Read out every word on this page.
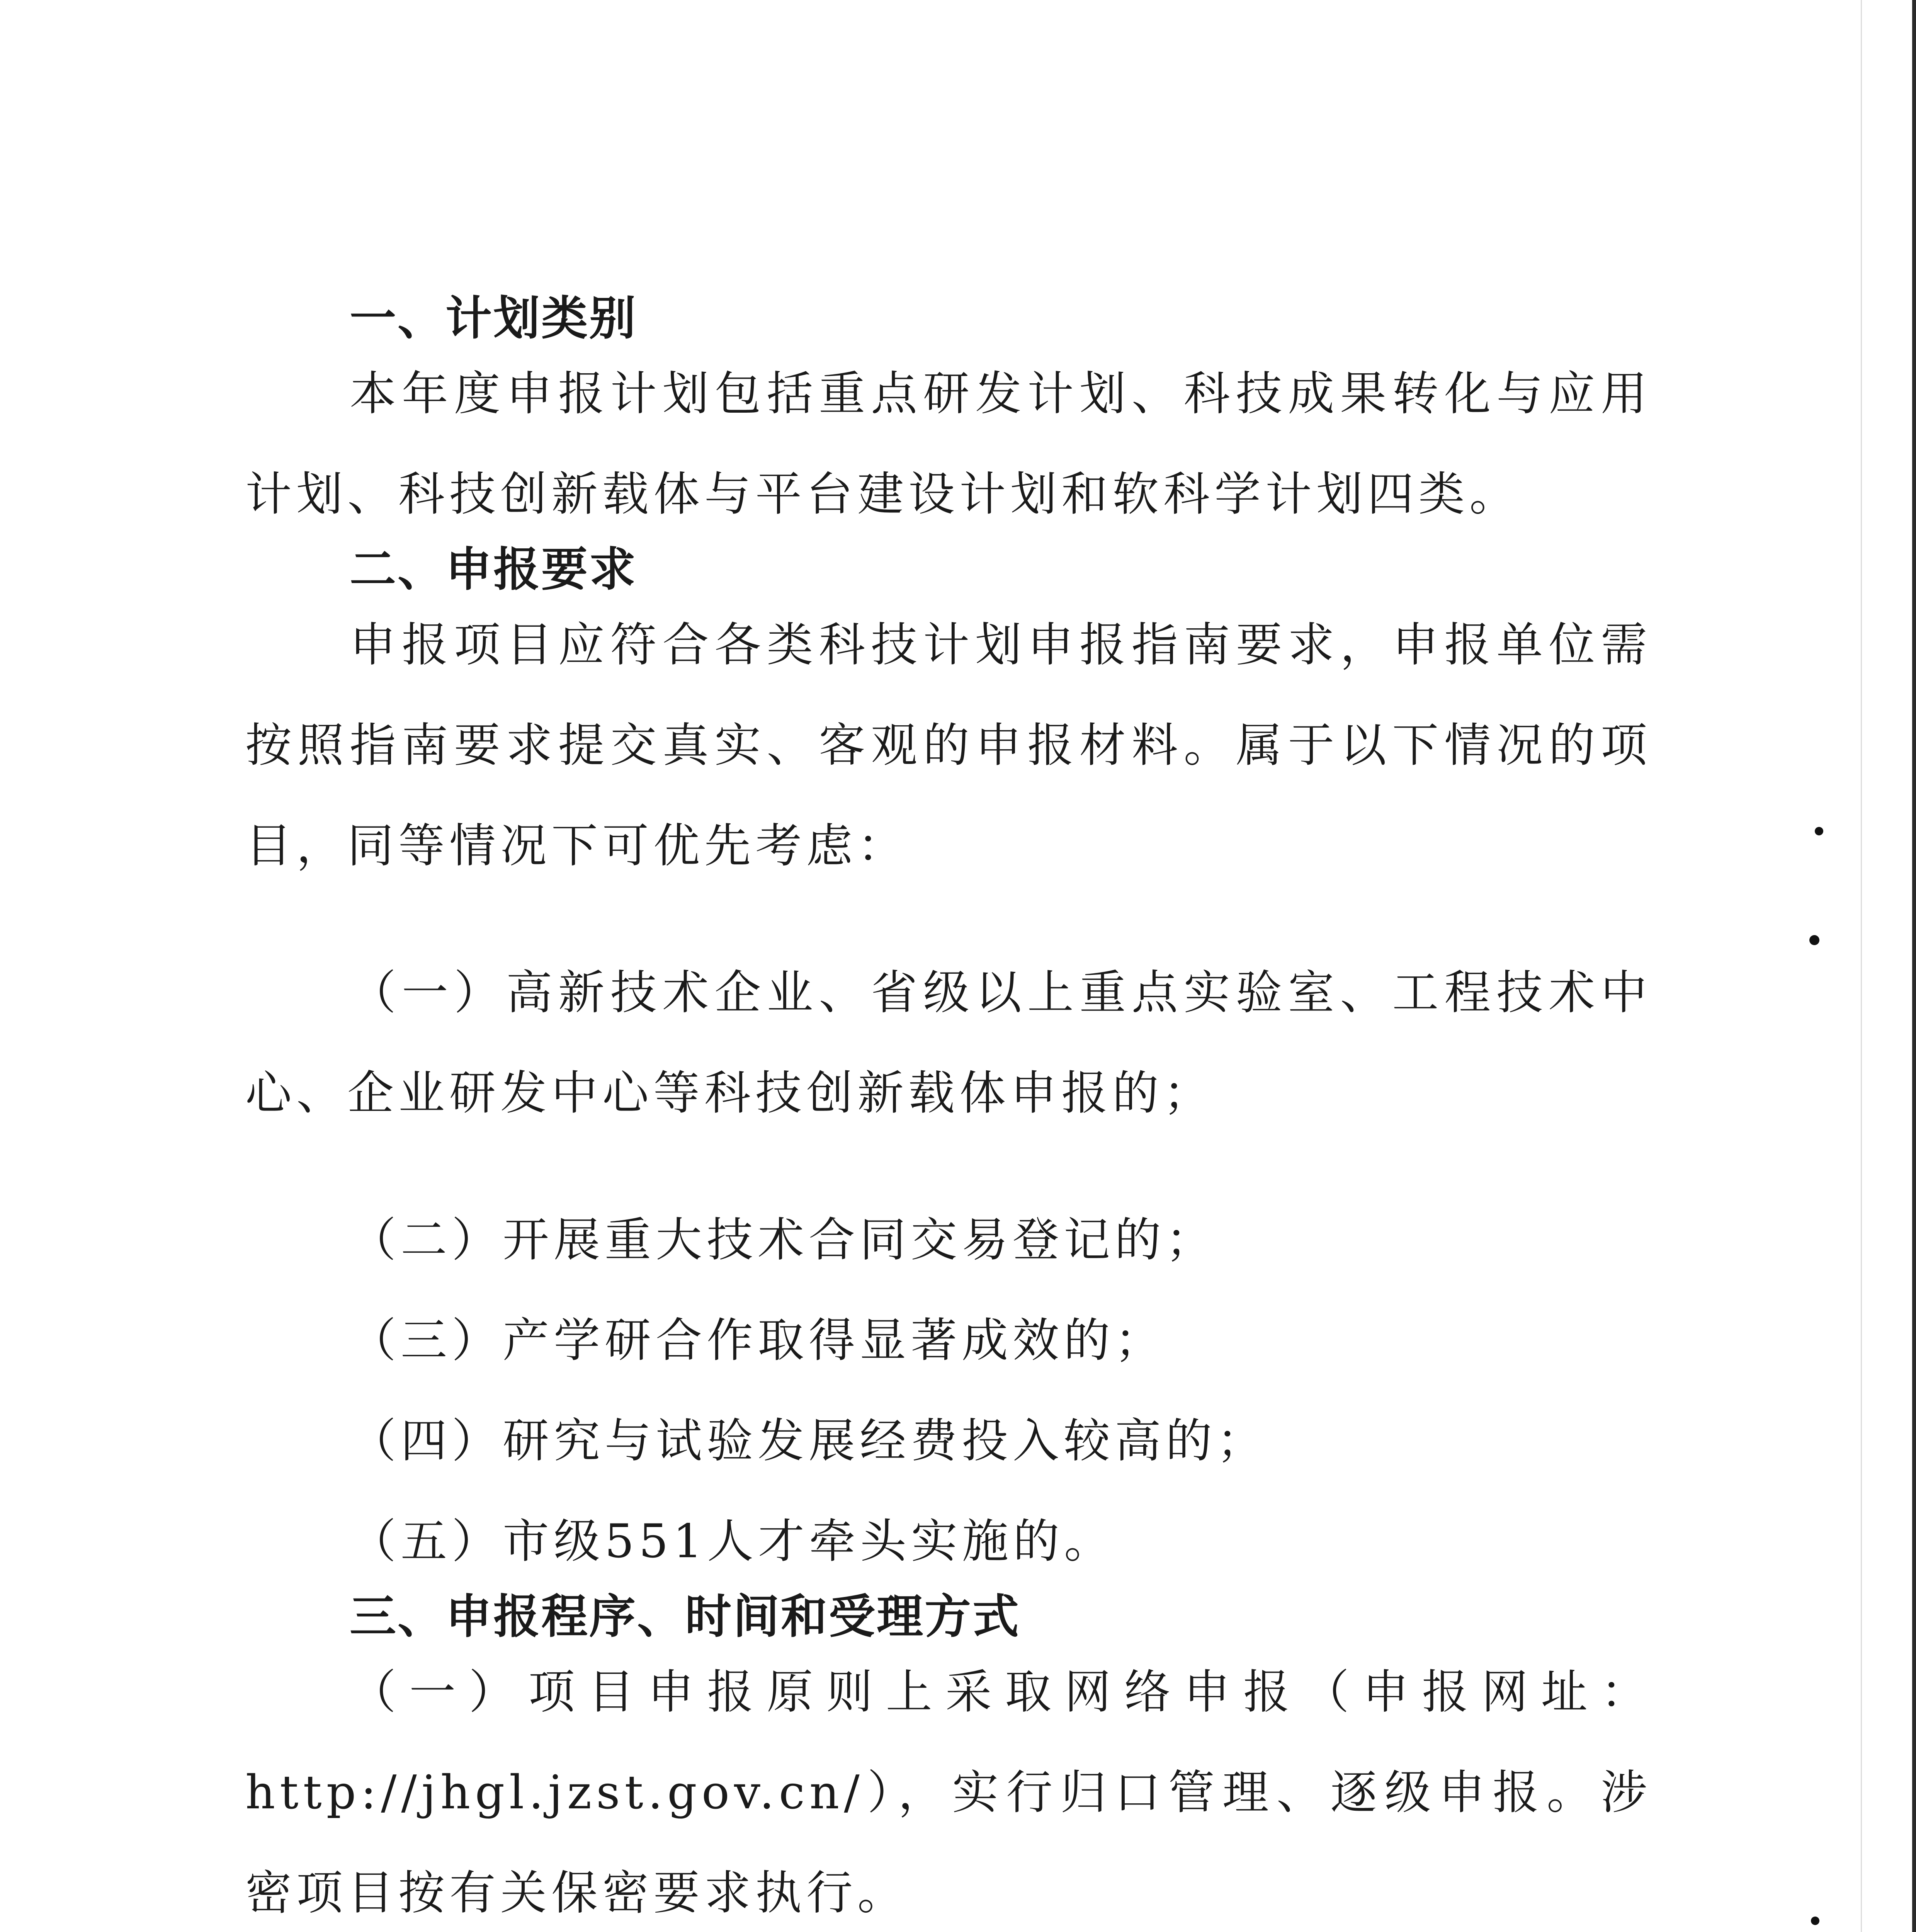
一、计划类别

本年度申报计划包括重点研发计划、科技成果转化与应用计划、科技创新载体与平台建设计划和软科学计划四类。

二、申报要求

申报项目应符合各类科技计划申报指南要求，申报单位需按照指南要求提交真实、客观的申报材料。属于以下情况的项目，同等情况下可优先考虑：

（一）高新技术企业、省级以上重点实验室、工程技术中心、企业研发中心等科技创新载体申报的；

（二）开展重大技术合同交易登记的；

（三）产学研合作取得显著成效的；

（四）研究与试验发展经费投入较高的；

（五）市级551人才牵头实施的。

三、申报程序、时间和受理方式

（一）项目申报原则上采取网络申报（申报网址：http://jhgl.jzst.gov.cn/），实行归口管理、逐级申报。涉密项目按有关保密要求执行。
